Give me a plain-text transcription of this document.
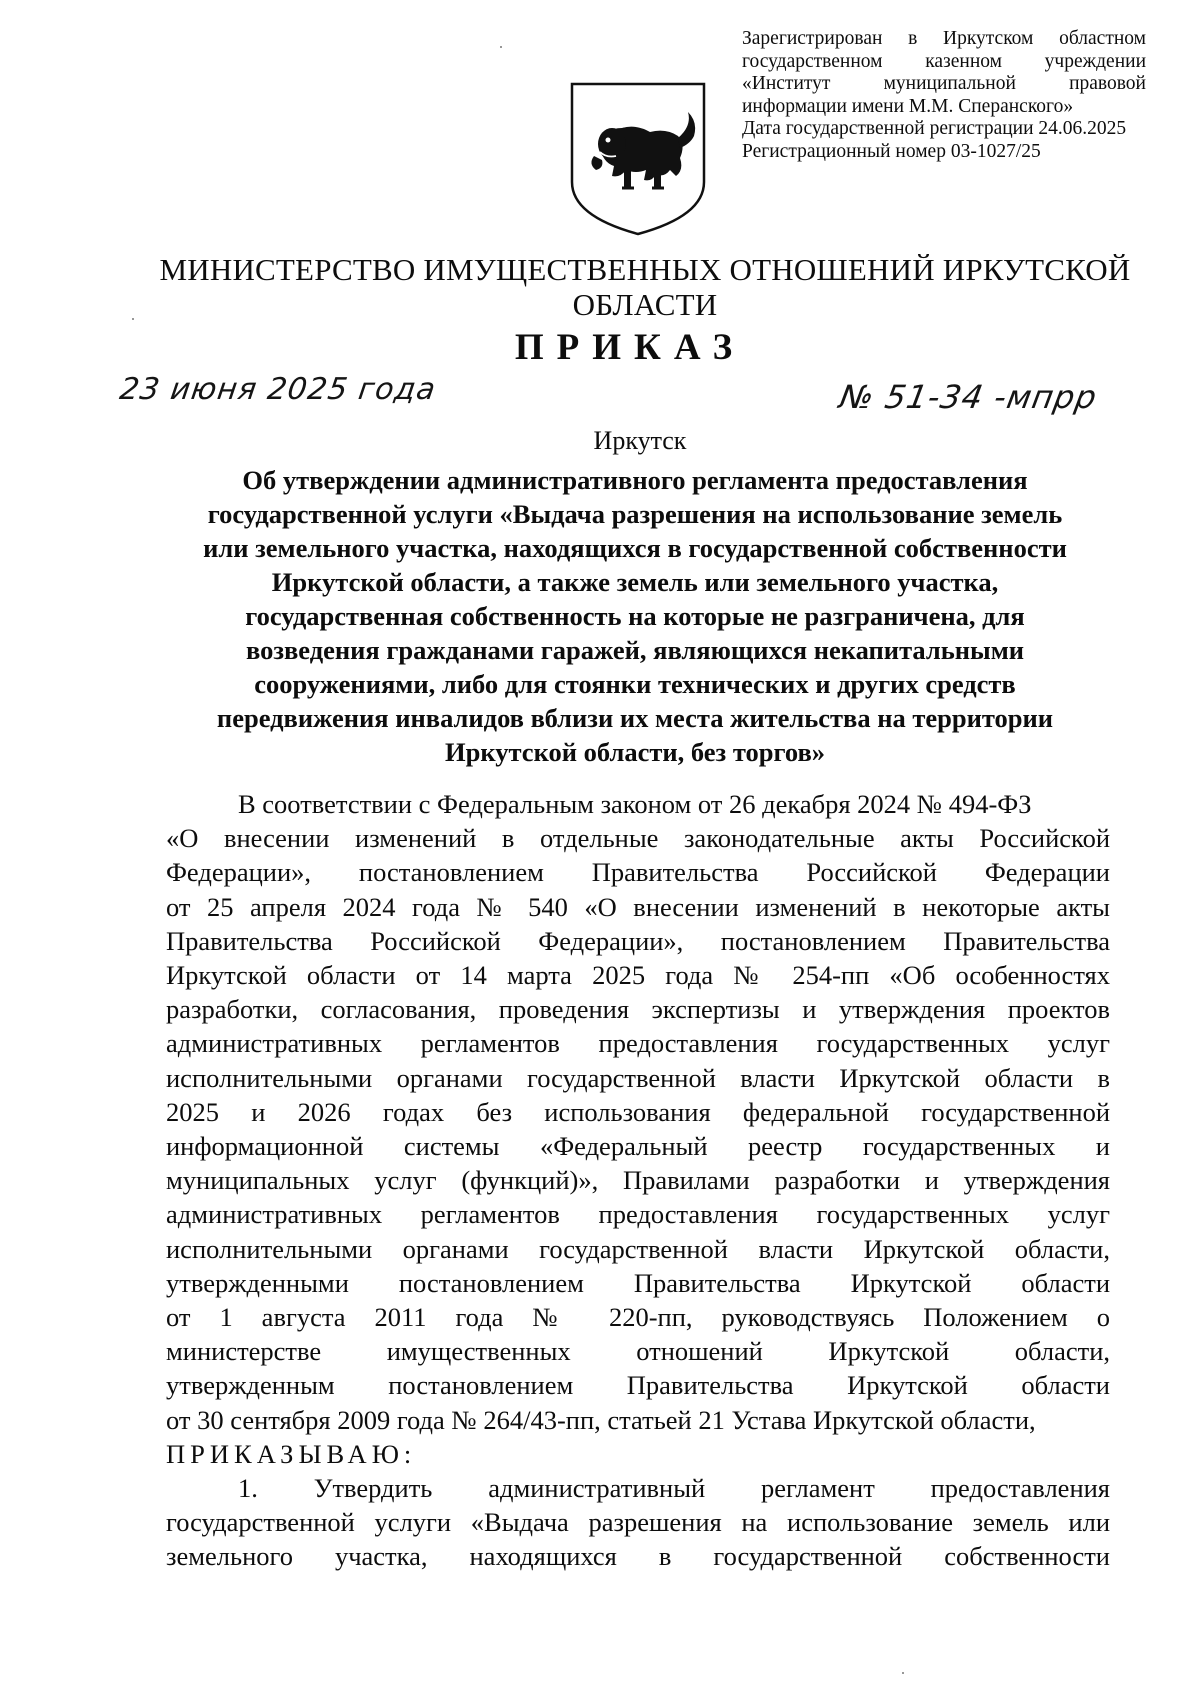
Зарегистрирован в Иркутском областном
государственном казенном учреждении
«Институт муниципальной правовой
информации имени М.М. Сперанского»
Дата государственной регистрации 24.06.2025
Регистрационный номер 03-1027/25
МИНИСТЕРСТВО ИМУЩЕСТВЕННЫХ ОТНОШЕНИЙ ИРКУТСКОЙ
ОБЛАСТИ
ПРИКАЗ
23 июня 2025 года	№ 51-34 -мпрр
Иркутск
Об утверждении административного регламента предоставления
государственной услуги «Выдача разрешения на использование земель
или земельного участка, находящихся в государственной собственности
Иркутской области, а также земель или земельного участка,
государственная собственность на которые не разграничена, для
возведения гражданами гаражей, являющихся некапитальными
сооружениями, либо для стоянки технических и других средств
передвижения инвалидов вблизи их места жительства на территории
Иркутской области, без торгов»
В соответствии с Федеральным законом от 26 декабря 2024 № 494-ФЗ
«О внесении изменений в отдельные законодательные акты Российской
Федерации», постановлением Правительства Российской Федерации
от 25 апреля 2024 года № 540 «О внесении изменений в некоторые акты
Правительства Российской Федерации», постановлением Правительства
Иркутской области от 14 марта 2025 года № 254-пп «Об особенностях
разработки, согласования, проведения экспертизы и утверждения проектов
административных регламентов предоставления государственных услуг
исполнительными органами государственной власти Иркутской области в
2025 и 2026 годах без использования федеральной государственной
информационной системы «Федеральный реестр государственных и
муниципальных услуг (функций)», Правилами разработки и утверждения
административных регламентов предоставления государственных услуг
исполнительными органами государственной власти Иркутской области,
утвержденными постановлением Правительства Иркутской области
от 1 августа 2011 года № 220-пп, руководствуясь Положением о
министерстве имущественных отношений Иркутской области,
утвержденным постановлением Правительства Иркутской области
от 30 сентября 2009 года № 264/43-пп, статьей 21 Устава Иркутской области,
ПРИКАЗЫВАЮ:
1. Утвердить административный регламент предоставления
государственной услуги «Выдача разрешения на использование земель или
земельного участка, находящихся в государственной собственности
